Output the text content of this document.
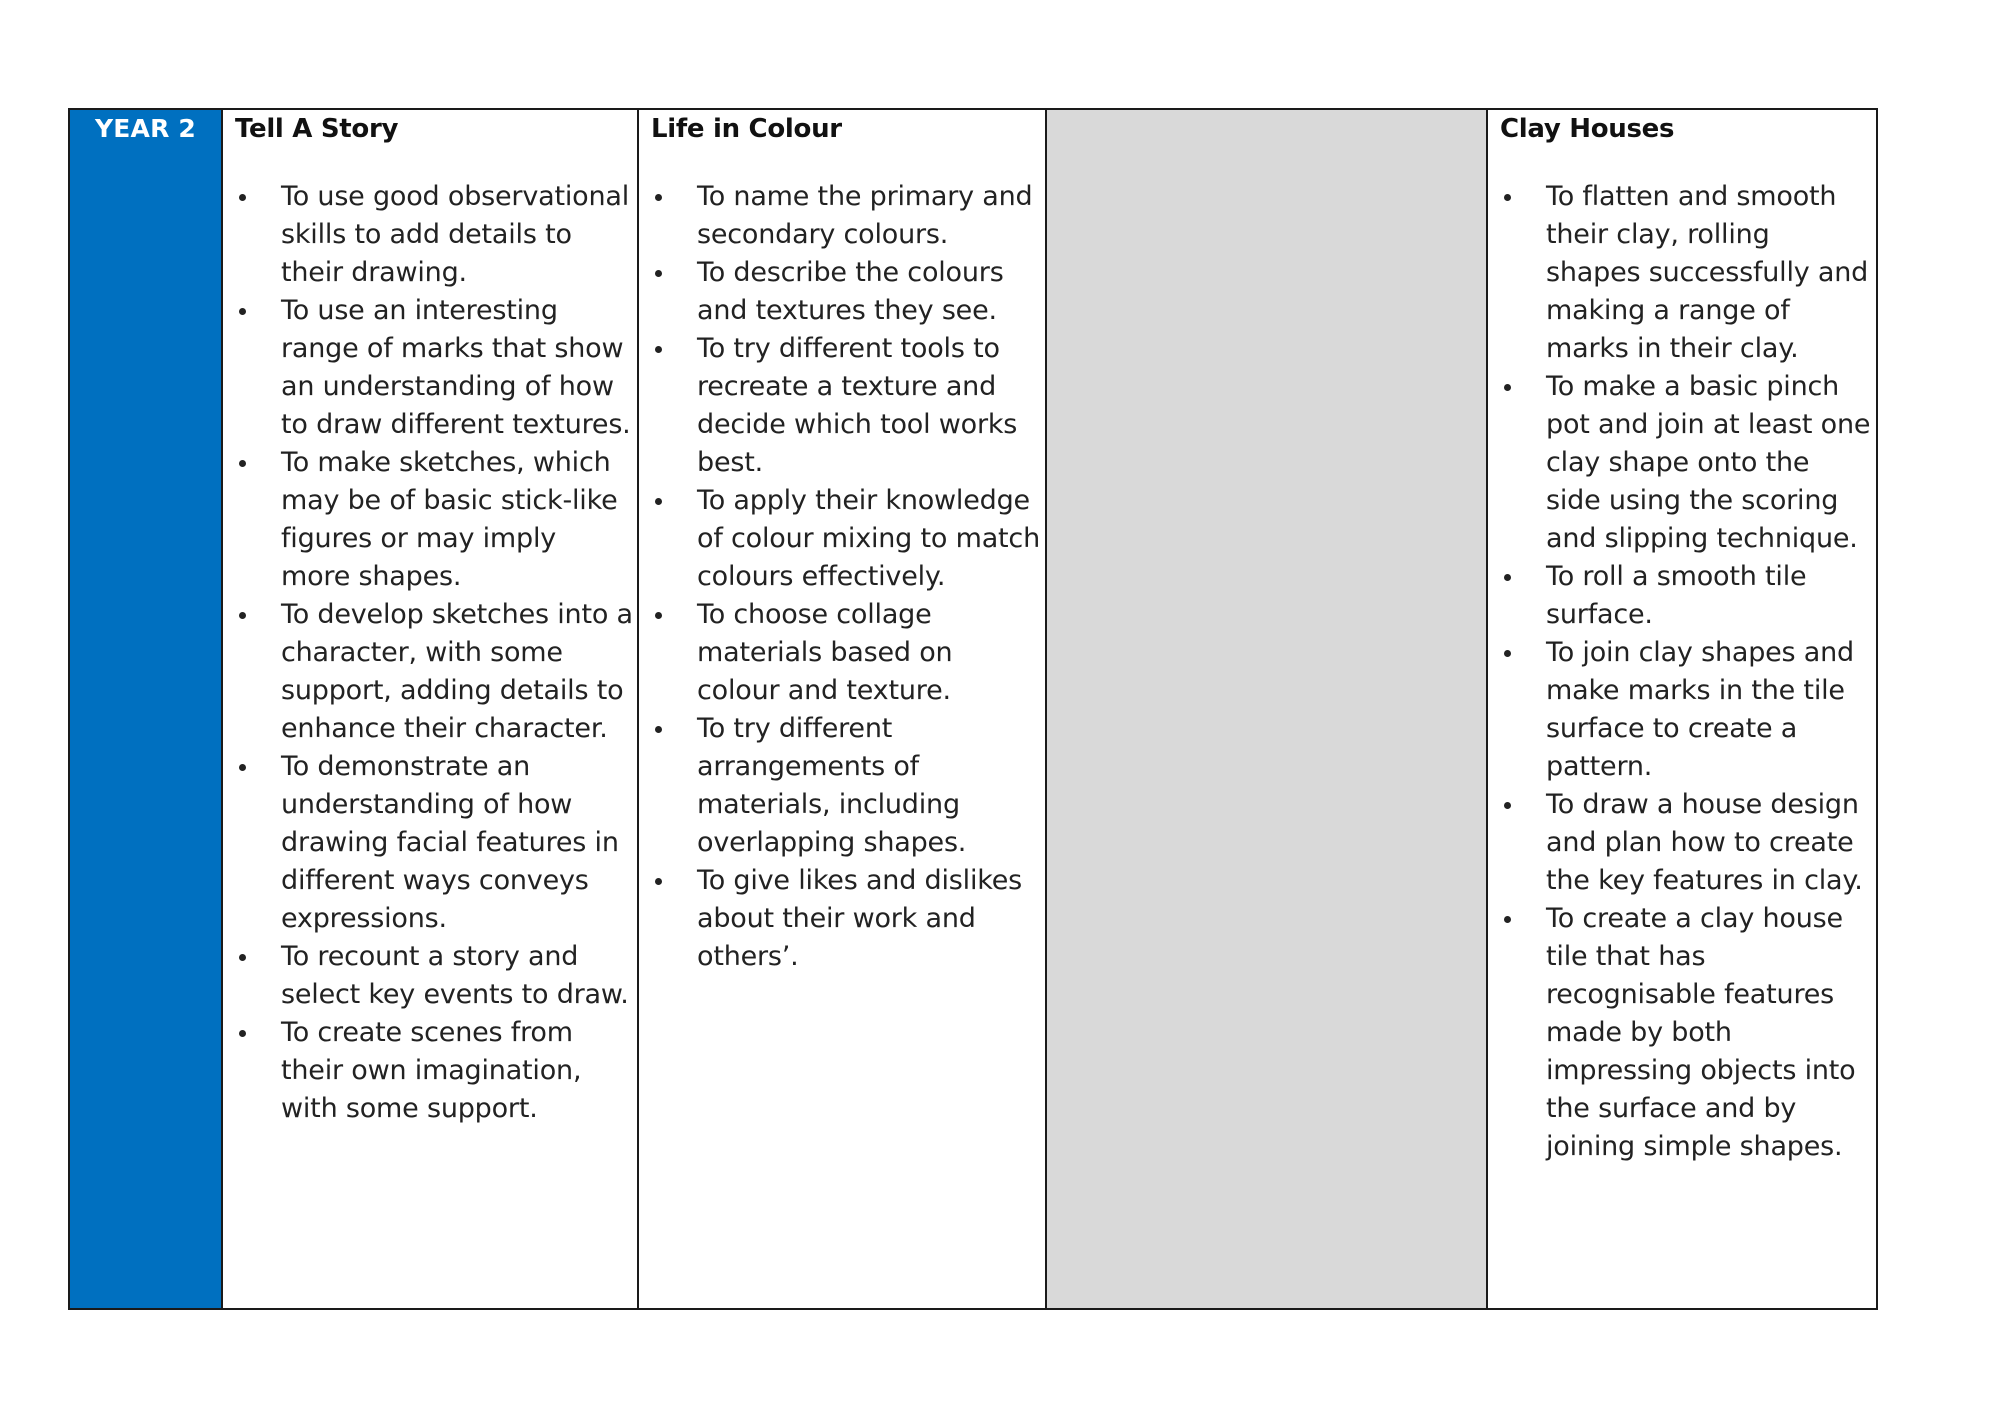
YEAR 2	Tell A Story
To use good observational skills to add details to their drawing.
To use an interesting range of marks that show an understanding of how to draw different textures.
To make sketches, which may be of basic stick-like figures or may imply more shapes.
To develop sketches into a character, with some support, adding details to enhance their character.
To demonstrate an understanding of how drawing facial features in different ways conveys expressions.
To recount a story and select key events to draw.
To create scenes from their own imagination, with some support.
Life in Colour
To name the primary and secondary colours.
To describe the colours and textures they see.
To try different tools to recreate a texture and decide which tool works best.
To apply their knowledge of colour mixing to match colours effectively.
To choose collage materials based on colour and texture.
To try different arrangements of materials, including overlapping shapes.
To give likes and dislikes about their work and others’.
Clay Houses
To flatten and smooth their clay, rolling shapes successfully and making a range of marks in their clay.
To make a basic pinch pot and join at least one clay shape onto the side using the scoring and slipping technique.
To roll a smooth tile surface.
To join clay shapes and make marks in the tile surface to create a pattern.
To draw a house design and plan how to create the key features in clay.
To create a clay house tile that has recognisable features made by both impressing objects into the surface and by joining simple shapes.
